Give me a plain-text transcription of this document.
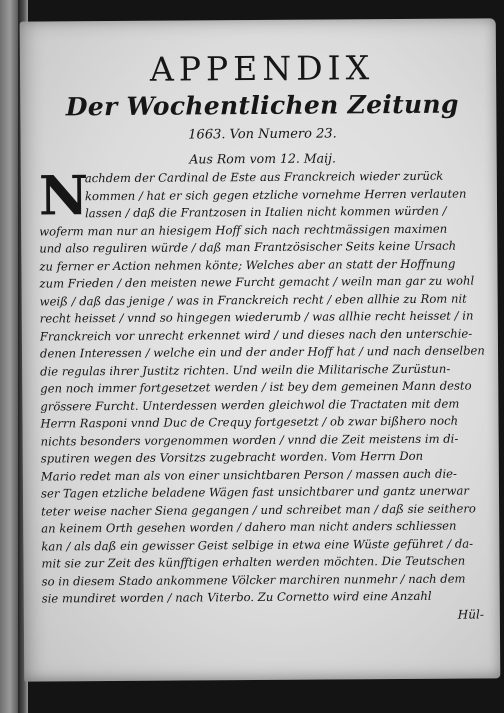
APPENDIX
Der Wochentlichen Zeitung
1663. Von Numero 23.
Aus Rom vom 12. Maij.
N
achdem der Cardinal de Este aus Franckreich wieder zurück
kommen / hat er sich gegen etzliche vornehme Herren verlauten
lassen / daß die Frantzosen in Italien nicht kommen würden /
woferm man nur an hiesigem Hoff sich nach rechtmässigen maximen
und also reguliren würde / daß man Frantzösischer Seits keine Ursach
zu ferner er Action nehmen könte; Welches aber an statt der Hoffnung
zum Frieden / den meisten newe Furcht gemacht / weiln man gar zu wohl
weiß / daß das jenige / was in Franckreich recht / eben allhie zu Rom nit
recht heisset / vnnd so hingegen wiederumb / was allhie recht heisset / in
Franckreich vor unrecht erkennet wird / und dieses nach den unterschie-
denen Interessen / welche ein und der ander Hoff hat / und nach denselben
die regulas ihrer Justitz richten. Und weiln die Militarische Zurüstun-
gen noch immer fortgesetzet werden / ist bey dem gemeinen Mann desto
grössere Furcht. Unterdessen werden gleichwol die Tractaten mit dem
Herrn Rasponi vnnd Duc de Crequy fortgesetzt / ob zwar bißhero noch
nichts besonders vorgenommen worden / vnnd die Zeit meistens im di-
sputiren wegen des Vorsitzs zugebracht worden. Vom Herrn Don
Mario redet man als von einer unsichtbaren Person / massen auch die-
ser Tagen etzliche beladene Wägen fast unsichtbarer und gantz unerwar
teter weise nacher Siena gegangen / und schreibet man / daß sie seithero
an keinem Orth gesehen worden / dahero man nicht anders schliessen
kan / als daß ein gewisser Geist selbige in etwa eine Wüste geführet / da-
mit sie zur Zeit des künfftigen erhalten werden möchten. Die Teutschen
so in diesem Stado ankommene Völcker marchiren nunmehr / nach dem
sie mundiret worden / nach Viterbo. Zu Cornetto wird eine Anzahl
Hül-
